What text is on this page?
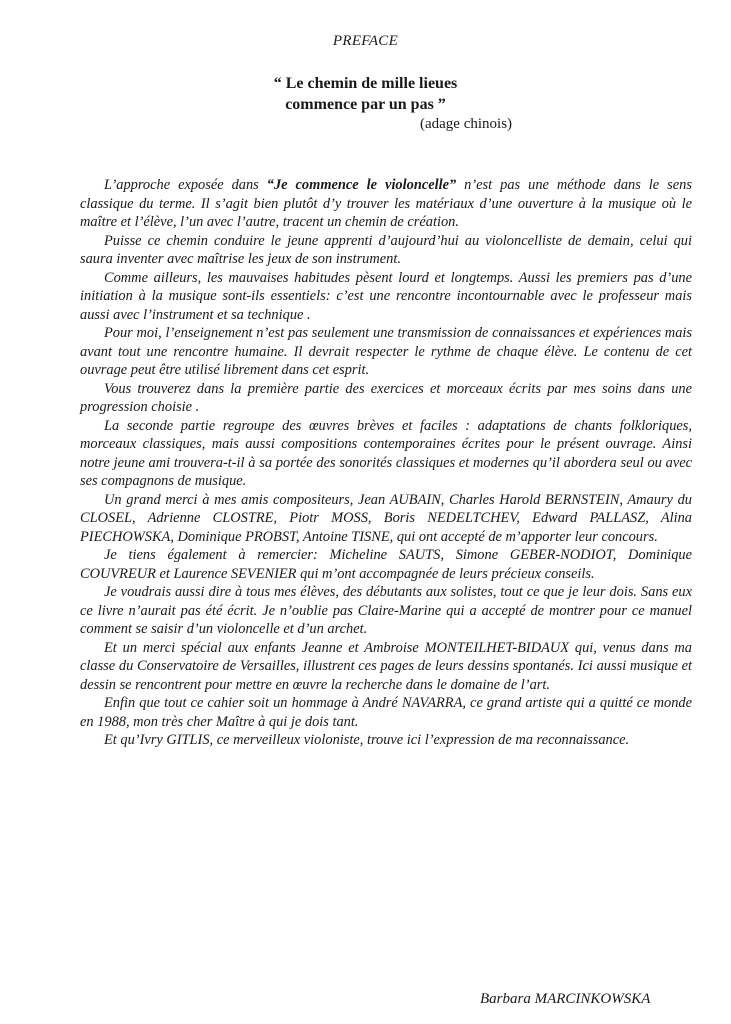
PREFACE
“ Le chemin de mille lieues
commence par un pas ”
(adage chinois)

L’approche exposée dans “Je commence le violoncelle” n’est pas une méthode dans le sens classique du terme. Il s’agit bien plutôt d’y trouver les matériaux d’une ouverture à la musique où le maître et l’élève, l’un avec l’autre, tracent un chemin de création.

Puisse ce chemin conduire le jeune apprenti d’aujourd’hui au violoncelliste de demain, celui qui saura inventer avec maîtrise les jeux de son instrument.

Comme ailleurs, les mauvaises habitudes pèsent lourd et longtemps. Aussi les premiers pas d’une initiation à la musique sont-ils essentiels: c’est une rencontre incontournable avec le professeur mais aussi avec l’instrument et sa technique .

Pour moi, l’enseignement n’est pas seulement une transmission de connaissances et expériences mais avant tout une rencontre humaine. Il devrait respecter le rythme de chaque élève. Le contenu de cet ouvrage peut être utilisé librement dans cet esprit.

Vous trouverez dans la première partie des exercices et morceaux écrits par mes soins dans une progression choisie .

La seconde partie regroupe des œuvres brèves et faciles : adaptations de chants folkloriques, morceaux classiques, mais aussi compositions contemporaines écrites pour le présent ouvrage. Ainsi notre jeune ami trouvera-t-il à sa portée des sonorités classiques et modernes qu’il abordera seul ou avec ses compagnons de musique.

Un grand merci à mes amis compositeurs, Jean AUBAIN, Charles Harold BERNSTEIN, Amaury du CLOSEL, Adrienne CLOSTRE, Piotr MOSS, Boris NEDELTCHEV, Edward PALLASZ, Alina PIECHOWSKA, Dominique PROBST, Antoine TISNE, qui ont accepté de m’apporter leur concours.

Je tiens également à remercier: Micheline SAUTS, Simone GEBER-NODIOT, Dominique COUVREUR et Laurence SEVENIER qui m’ont accompagnée de leurs précieux conseils.

Je voudrais aussi dire à tous mes élèves, des débutants aux solistes, tout ce que je leur dois. Sans eux ce livre n’aurait pas été écrit. Je n’oublie pas Claire-Marine qui a accepté de montrer pour ce manuel comment se saisir d’un violoncelle et d’un archet.

Et un merci spécial aux enfants Jeanne et Ambroise MONTEILHET-BIDAUX qui, venus dans ma classe du Conservatoire de Versailles, illustrent ces pages de leurs dessins spontanés. Ici aussi musique et dessin se rencontrent pour mettre en œuvre la recherche dans le domaine de l’art.

Enfin que tout ce cahier soit un hommage à André NAVARRA, ce grand artiste qui a quitté ce monde en 1988, mon très cher Maître à qui je dois tant.

Et qu’Ivry GITLIS, ce merveilleux violoniste, trouve ici l’expression de ma reconnaissance.

Barbara MARCINKOWSKA
